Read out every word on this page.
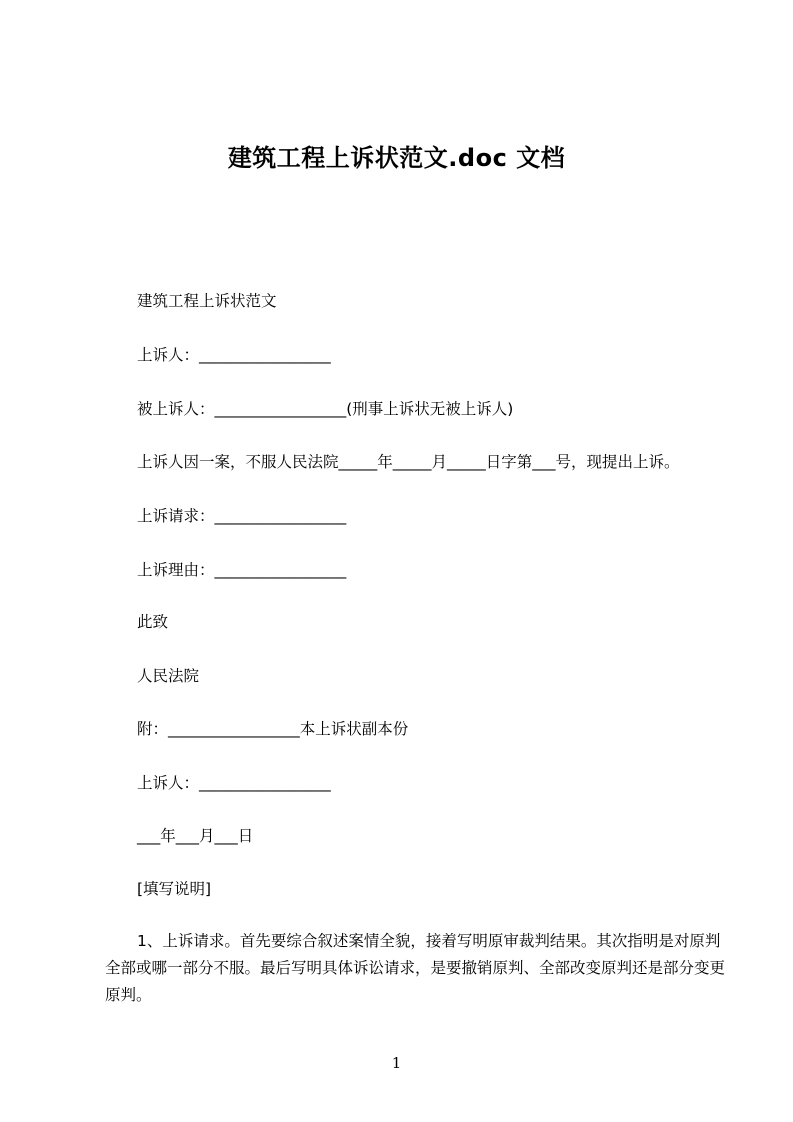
建筑工程上诉状范文.doc 文档
建筑工程上诉状范文
上诉人：_________________
被上诉人：_________________(刑事上诉状无被上诉人)
上诉人因一案，不服人民法院_____年_____月_____日字第___号，现提出上诉。
上诉请求：_________________
上诉理由：_________________
此致
人民法院
附：_________________本上诉状副本份
上诉人：_________________
___年___月___日
[填写说明]
1、上诉请求。首先要综合叙述案情全貌，接着写明原审裁判结果。其次指明是对原判全部或哪一部分不服。最后写明具体诉讼请求，是要撤销原判、全部改变原判还是部分变更原判。
1
